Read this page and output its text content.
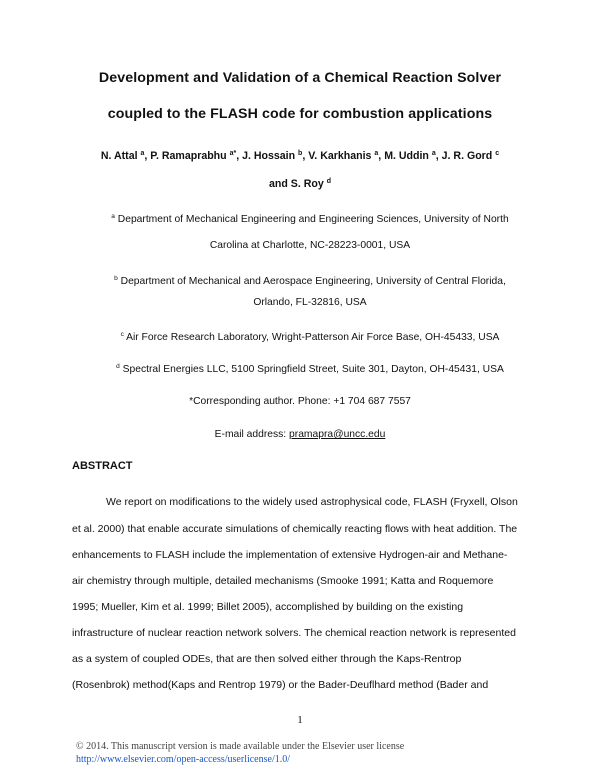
Development and Validation of a Chemical Reaction Solver
coupled to the FLASH code for combustion applications
N. Attal $^a$, P. Ramaprabhu $^{a*}$, J. Hossain $^b$, V. Karkhanis $^a$, M. Uddin $^a$, J. R. Gord $^c$
and S. Roy $^d$
$^a$ Department of Mechanical Engineering and Engineering Sciences, University of North
Carolina at Charlotte, NC-28223-0001, USA
$^b$ Department of Mechanical and Aerospace Engineering, University of Central Florida,
Orlando, FL-32816, USA
$^c$ Air Force Research Laboratory, Wright-Patterson Air Force Base, OH-45433, USA
$^d$ Spectral Energies LLC, 5100 Springfield Street, Suite 301, Dayton, OH-45431, USA
*Corresponding author. Phone: +1 704 687 7557
E-mail address: pramapra@uncc.edu
ABSTRACT
We report on modifications to the widely used astrophysical code, FLASH (Fryxell, Olson
et al. 2000) that enable accurate simulations of chemically reacting flows with heat addition. The
enhancements to FLASH include the implementation of extensive Hydrogen-air and Methane-
air chemistry through multiple, detailed mechanisms (Smooke 1991; Katta and Roquemore
1995; Mueller, Kim et al. 1999; Billet 2005), accomplished by building on the existing
infrastructure of nuclear reaction network solvers. The chemical reaction network is represented
as a system of coupled ODEs, that are then solved either through the Kaps-Rentrop
(Rosenbrok) method(Kaps and Rentrop 1979) or the Bader-Deuflhard method (Bader and
1
© 2014. This manuscript version is made available under the Elsevier user license
http://www.elsevier.com/open-access/userlicense/1.0/
